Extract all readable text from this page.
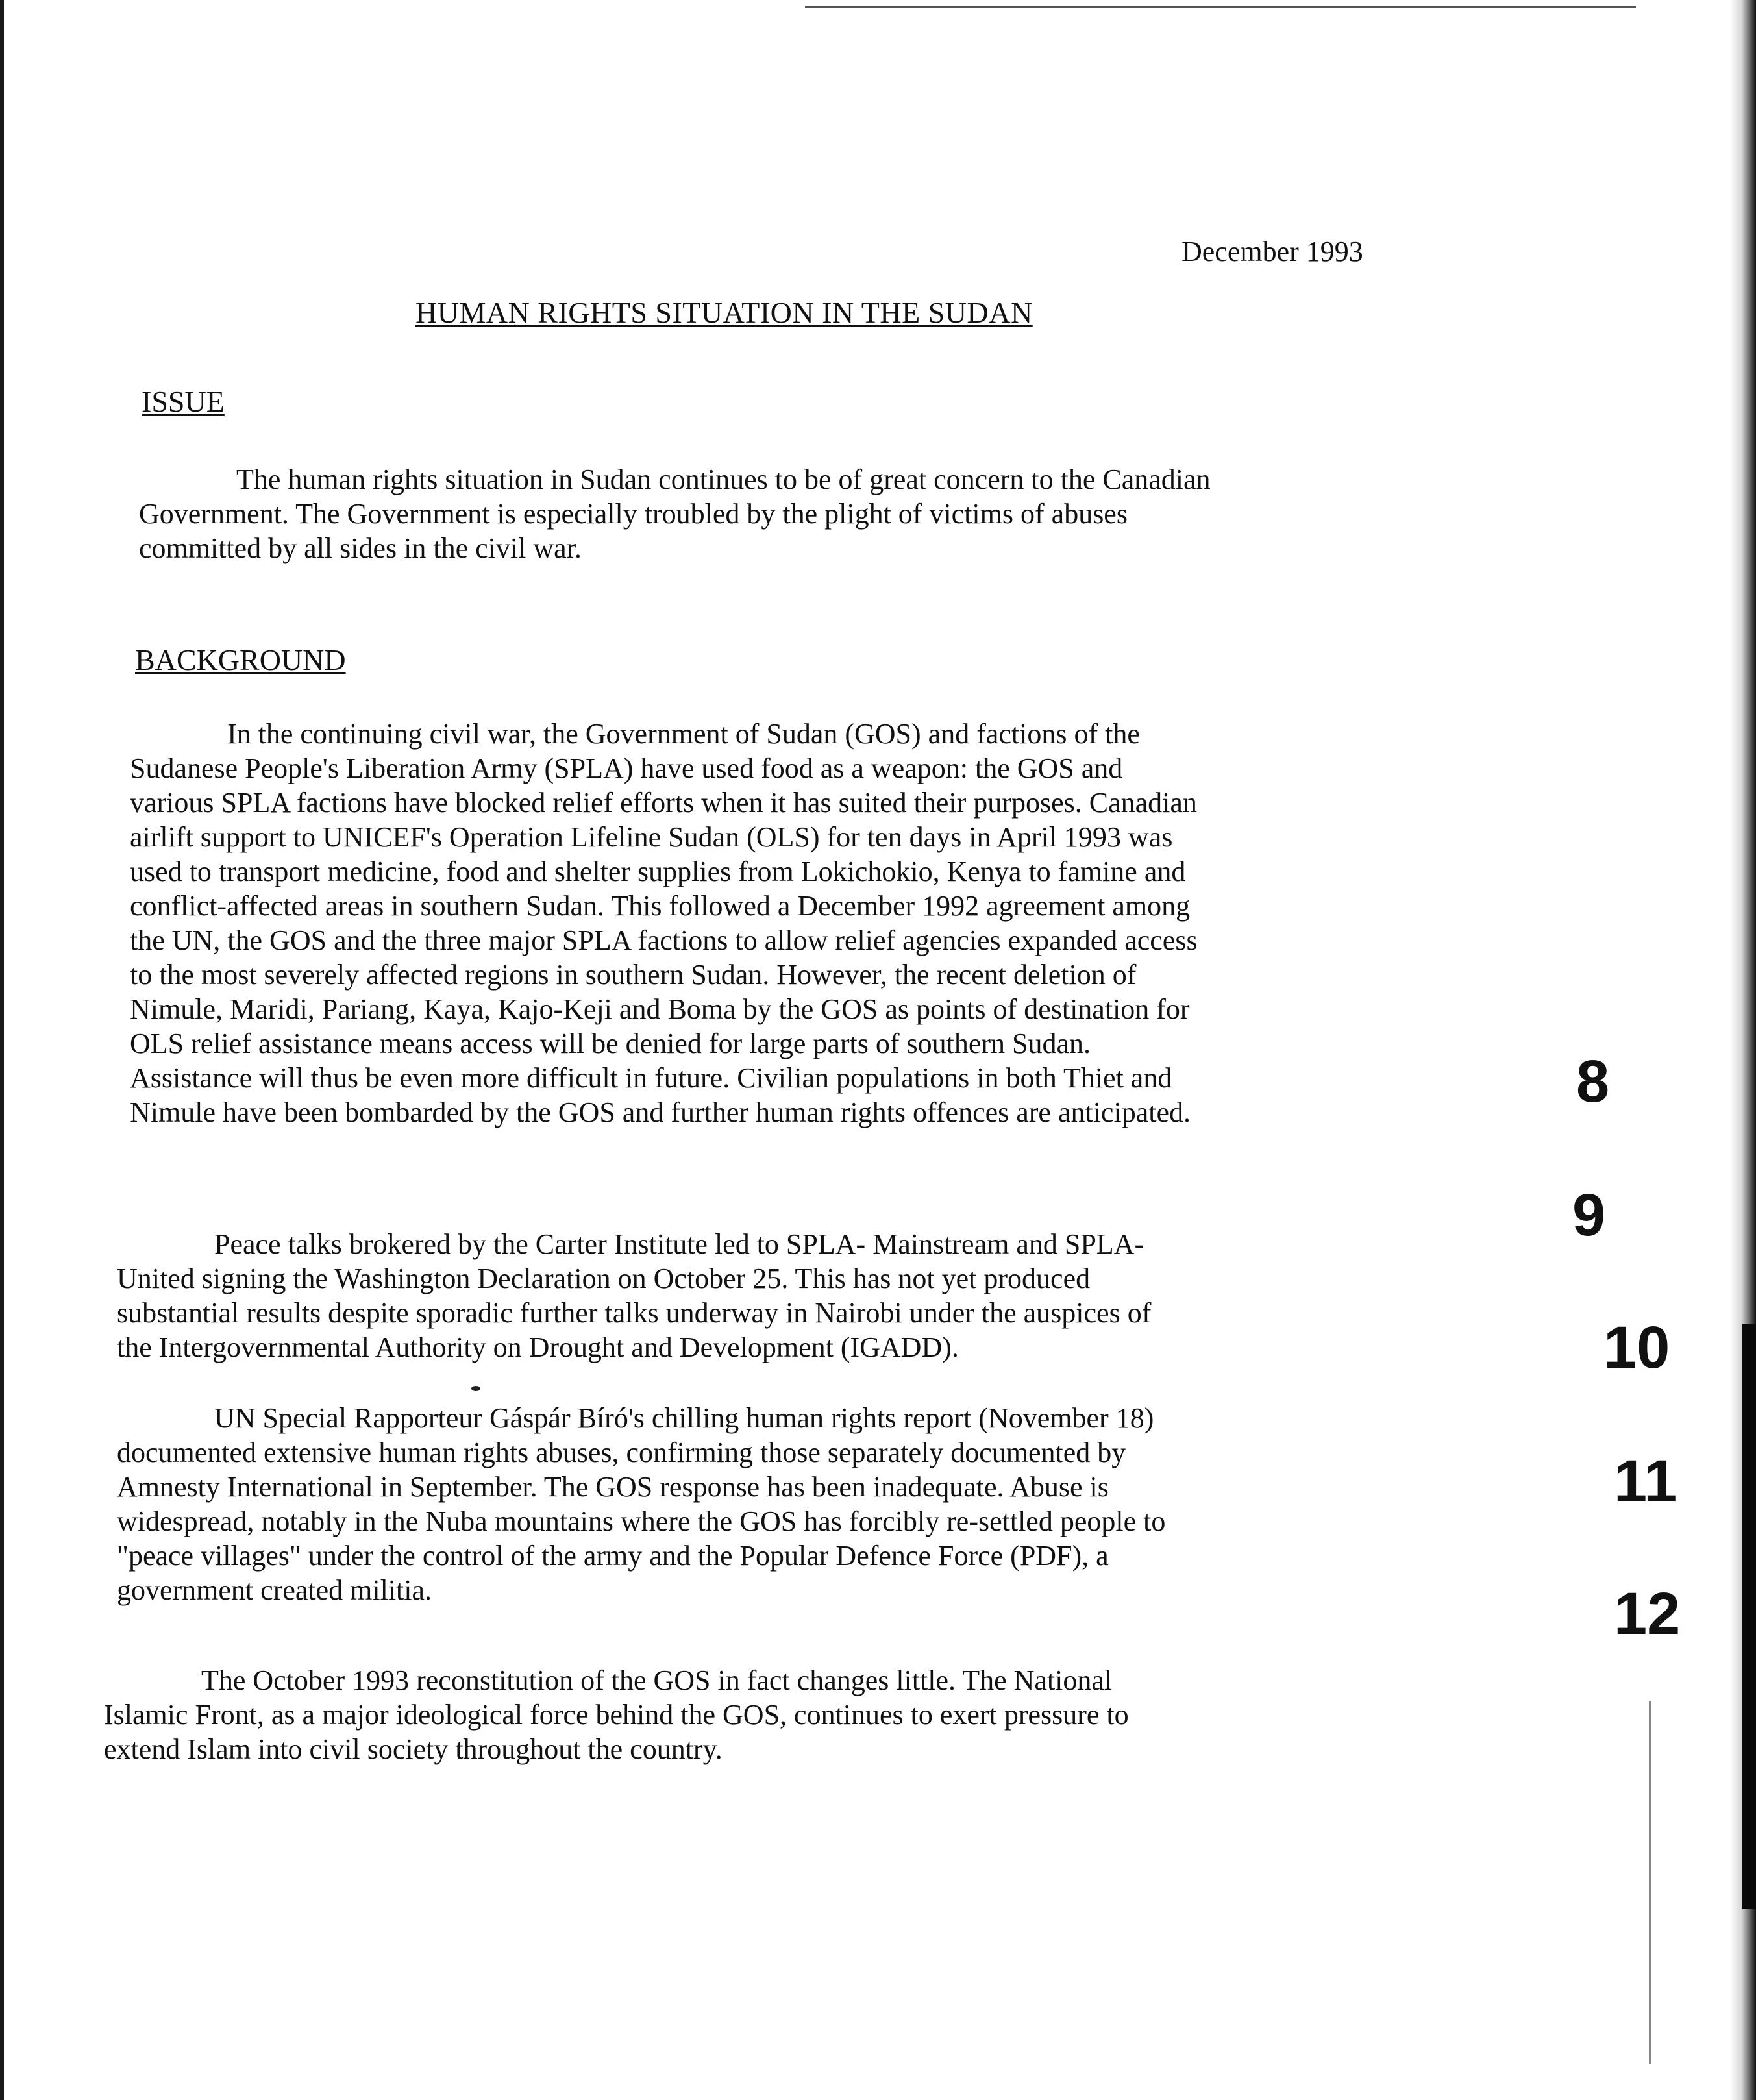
December 1993
HUMAN RIGHTS SITUATION IN THE SUDAN
ISSUE
The human rights situation in Sudan continues to be of great concern to the Canadian
Government. The Government is especially troubled by the plight of victims of abuses
committed by all sides in the civil war.
BACKGROUND
In the continuing civil war, the Government of Sudan (GOS) and factions of the
Sudanese People's Liberation Army (SPLA) have used food as a weapon: the GOS and
various SPLA factions have blocked relief efforts when it has suited their purposes. Canadian
airlift support to UNICEF's Operation Lifeline Sudan (OLS) for ten days in April 1993 was
used to transport medicine, food and shelter supplies from Lokichokio, Kenya to famine and
conflict-affected areas in southern Sudan. This followed a December 1992 agreement among
the UN, the GOS and the three major SPLA factions to allow relief agencies expanded access
to the most severely affected regions in southern Sudan. However, the recent deletion of
Nimule, Maridi, Pariang, Kaya, Kajo-Keji and Boma by the GOS as points of destination for
OLS relief assistance means access will be denied for large parts of southern Sudan.
Assistance will thus be even more difficult in future. Civilian populations in both Thiet and
Nimule have been bombarded by the GOS and further human rights offences are anticipated.
Peace talks brokered by the Carter Institute led to SPLA- Mainstream and SPLA-
United signing the Washington Declaration on October 25. This has not yet produced
substantial results despite sporadic further talks underway in Nairobi under the auspices of
the Intergovernmental Authority on Drought and Development (IGADD).
UN Special Rapporteur Gáspár Bíró's chilling human rights report (November 18)
documented extensive human rights abuses, confirming those separately documented by
Amnesty International in September. The GOS response has been inadequate. Abuse is
widespread, notably in the Nuba mountains where the GOS has forcibly re-settled people to
"peace villages" under the control of the army and the Popular Defence Force (PDF), a
government created militia.
The October 1993 reconstitution of the GOS in fact changes little. The National
Islamic Front, as a major ideological force behind the GOS, continues to exert pressure to
extend Islam into civil society throughout the country.
8
9
10
11
12
